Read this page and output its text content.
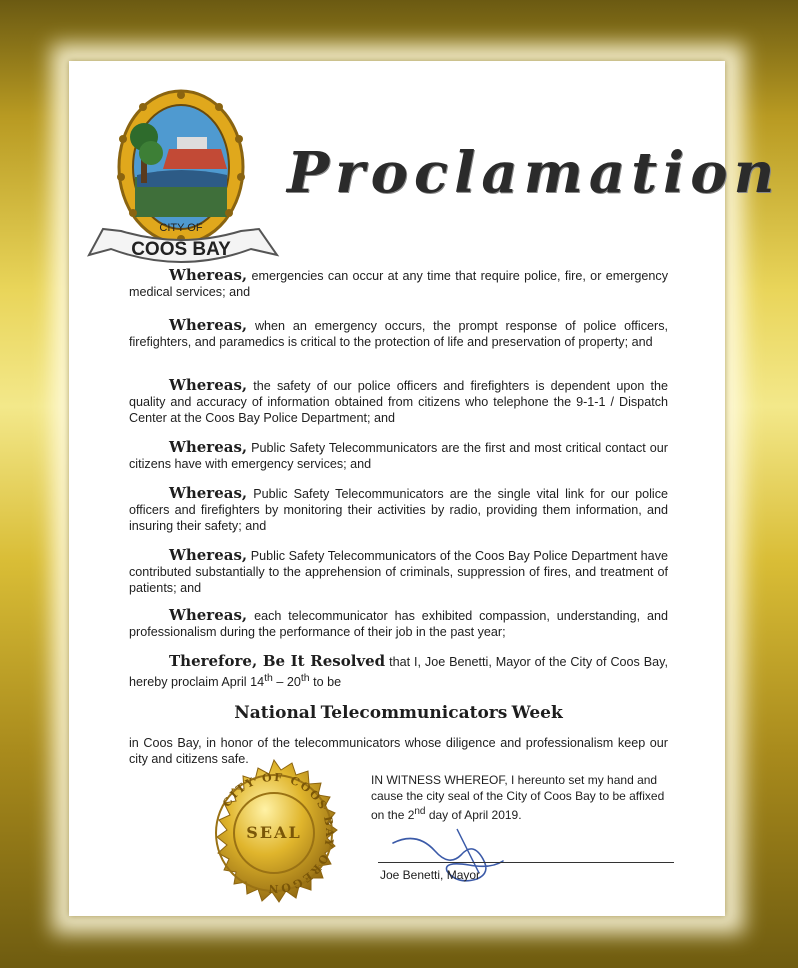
CITY OF
COOS BAY
Proclamation
Whereas, emergencies can occur at any time that require police, fire, or emergency medical services; and
Whereas, when an emergency occurs, the prompt response of police officers, firefighters, and paramedics is critical to the protection of life and preservation of property; and
Whereas, the safety of our police officers and firefighters is dependent upon the quality and accuracy of information obtained from citizens who telephone the 9-1-1 / Dispatch Center at the Coos Bay Police Department; and
Whereas, Public Safety Telecommunicators are the first and most critical contact our citizens have with emergency services; and
Whereas, Public Safety Telecommunicators are the single vital link for our police officers and firefighters by monitoring their activities by radio, providing them information, and insuring their safety; and
Whereas, Public Safety Telecommunicators of the Coos Bay Police Department have contributed substantially to the apprehension of criminals, suppression of fires, and treatment of patients; and
Whereas, each telecommunicator has exhibited compassion, understanding, and professionalism during the performance of their job in the past year;
Therefore, Be It Resolved that I, Joe Benetti, Mayor of the City of Coos Bay, hereby proclaim April 14th – 20th to be
National Telecommunicators Week
in Coos Bay, in honor of the telecommunicators whose diligence and professionalism keep our city and citizens safe.
CITY OF COOS BAY OREGON
SEAL
IN WITNESS WHEREOF, I hereunto set my hand and cause the city seal of the City of Coos Bay to be affixed on the 2nd day of April 2019.
Joe Benetti, Mayor
